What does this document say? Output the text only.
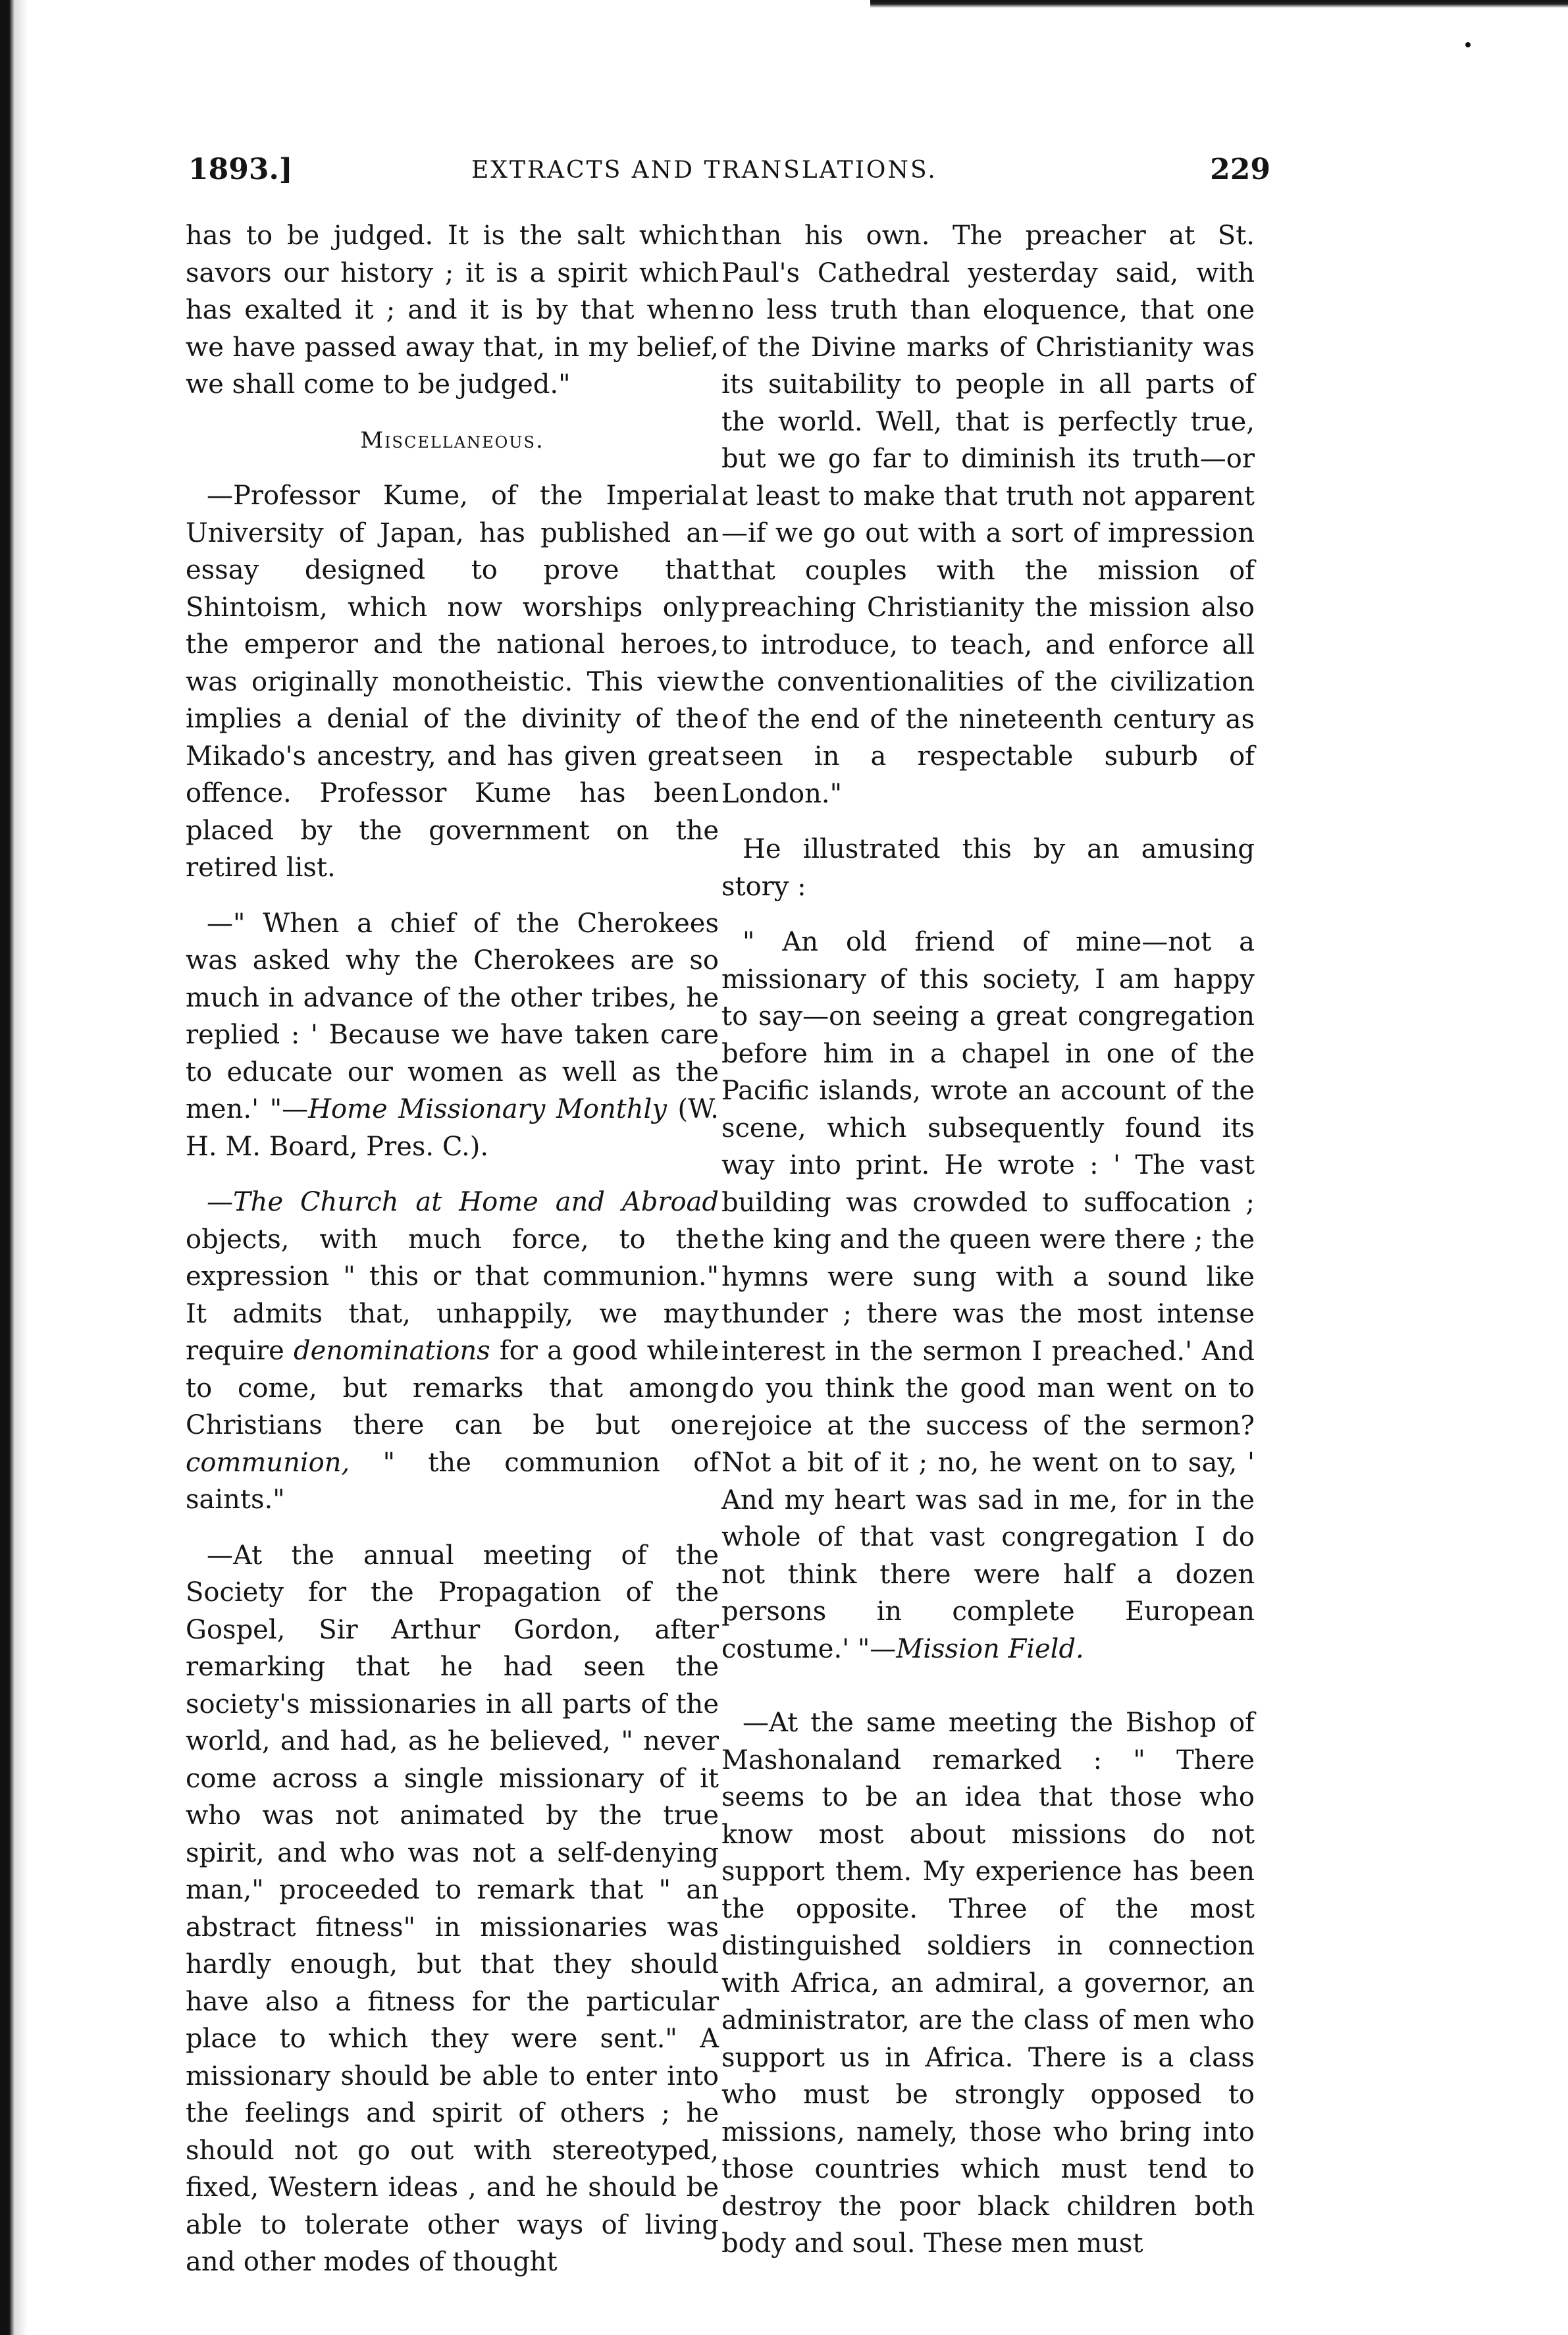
1893.]	EXTRACTS AND TRANSLATIONS.	229

has to be judged. It is the salt which savors our history ; it is a spirit which has exalted it ; and it is by that when we have passed away that, in my belief, we shall come to be judged."

Miscellaneous.

—Professor Kume, of the Imperial University of Japan, has published an essay designed to prove that Shintoism, which now worships only the emperor and the national heroes, was originally monotheistic. This view implies a denial of the divinity of the Mikado's ancestry, and has given great offence. Professor Kume has been placed by the government on the retired list.

—" When a chief of the Cherokees was asked why the Cherokees are so much in advance of the other tribes, he replied : ' Because we have taken care to educate our women as well as the men.' "—Home Missionary Monthly (W. H. M. Board, Pres. C.).

—The Church at Home and Abroad objects, with much force, to the expression " this or that communion." It admits that, unhappily, we may require denominations for a good while to come, but remarks that among Christians there can be but one communion, " the communion of saints."

—At the annual meeting of the Society for the Propagation of the Gospel, Sir Arthur Gordon, after remarking that he had seen the society's missionaries in all parts of the world, and had, as he believed, " never come across a single missionary of it who was not animated by the true spirit, and who was not a self-denying man," proceeded to remark that " an abstract fitness" in missionaries was hardly enough, but that they should have also a fitness for the particular place to which they were sent." A missionary should be able to enter into the feelings and spirit of others ; he should not go out with stereotyped, fixed, Western ideas , and he should be able to tolerate other ways of living and other modes of thought

than his own. The preacher at St. Paul's Cathedral yesterday said, with no less truth than eloquence, that one of the Divine marks of Christianity was its suitability to people in all parts of the world. Well, that is perfectly true, but we go far to diminish its truth—or at least to make that truth not apparent —if we go out with a sort of impression that couples with the mission of preaching Christianity the mission also to introduce, to teach, and enforce all the conventionalities of the civilization of the end of the nineteenth century as seen in a respectable suburb of London."

He illustrated this by an amusing story :

" An old friend of mine—not a missionary of this society, I am happy to say—on seeing a great congregation before him in a chapel in one of the Pacific islands, wrote an account of the scene, which subsequently found its way into print. He wrote : ' The vast building was crowded to suffocation ; the king and the queen were there ; the hymns were sung with a sound like thunder ; there was the most intense interest in the sermon I preached.' And do you think the good man went on to rejoice at the success of the sermon? Not a bit of it ; no, he went on to say, ' And my heart was sad in me, for in the whole of that vast congregation I do not think there were half a dozen persons in complete European costume.' "—Mission Field.

—At the same meeting the Bishop of Mashonaland remarked : " There seems to be an idea that those who know most about missions do not support them. My experience has been the opposite. Three of the most distinguished soldiers in connection with Africa, an admiral, a governor, an administrator, are the class of men who support us in Africa. There is a class who must be strongly opposed to missions, namely, those who bring into those countries which must tend to destroy the poor black children both body and soul. These men must
